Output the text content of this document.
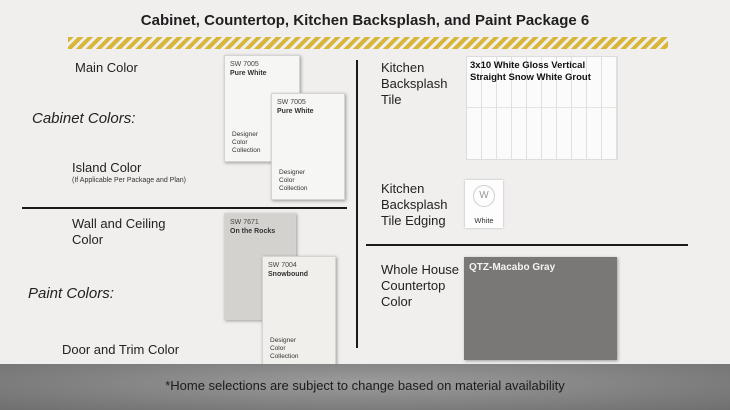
Cabinet, Countertop, Kitchen Backsplash, and Paint Package 6
Main Color
Cabinet Colors:
Island Color
(If Applicable Per Package and Plan)
SW 7005
Pure White
Designer Color Collection
SW 7005
Pure White
Designer Color Collection
Wall and Ceiling Color
Paint Colors:
Door and Trim Color
SW 7671
On the Rocks
SW 7004
Snowbound
Designer Color Collection
Kitchen Backsplash Tile
3x10 White Gloss Vertical Straight Snow White Grout
Kitchen Backsplash Tile Edging
W
White
Whole House Countertop Color
QTZ-Macabo Gray
*Home selections are subject to change based on material availability
